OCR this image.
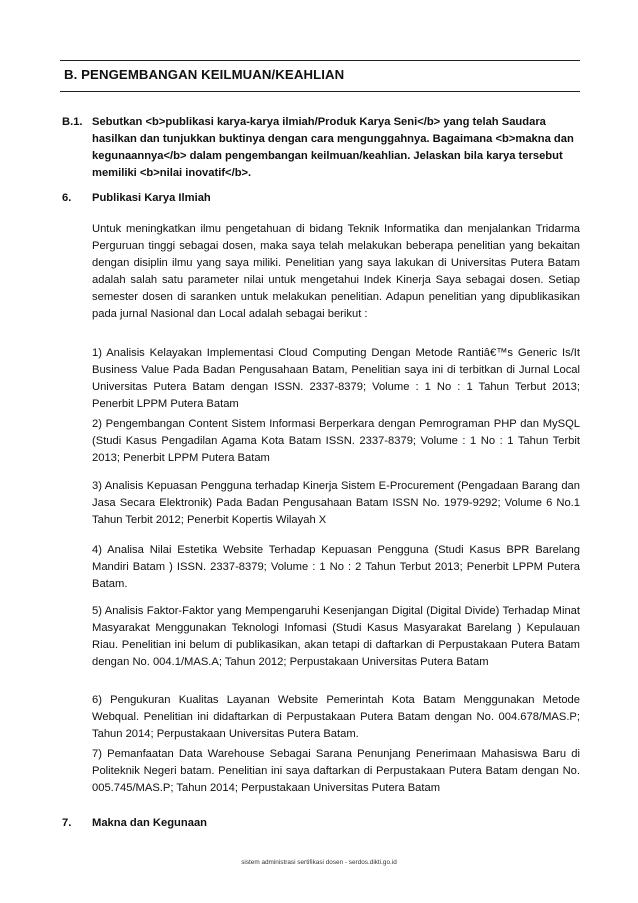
B. PENGEMBANGAN KEILMUAN/KEAHLIAN
B.1. Sebutkan <b>publikasi karya-karya ilmiah/Produk Karya Seni</b> yang telah Saudara hasilkan dan tunjukkan buktinya dengan cara mengunggahnya. Bagaimana <b>makna dan kegunaannya</b> dalam pengembangan keilmuan/keahlian. Jelaskan bila karya tersebut memiliki <b>nilai inovatif</b>.
6. Publikasi Karya Ilmiah
Untuk meningkatkan ilmu pengetahuan di bidang Teknik Informatika dan menjalankan Tridarma Perguruan tinggi sebagai dosen, maka saya telah melakukan beberapa penelitian yang bekaitan dengan disiplin ilmu yang saya miliki. Penelitian yang saya lakukan di Universitas Putera Batam adalah salah satu parameter nilai untuk mengetahui Indek Kinerja Saya sebagai dosen. Setiap semester dosen di saranken untuk melakukan penelitian. Adapun penelitian yang dipublikasikan pada jurnal Nasional dan Local adalah sebagai berikut :
1) Analisis Kelayakan Implementasi Cloud Computing Dengan Metode Rantiâ€™s Generic Is/It Business Value Pada Badan Pengusahaan Batam, Penelitian saya ini di terbitkan di Jurnal Local Universitas Putera Batam dengan ISSN. 2337-8379; Volume : 1 No : 1 Tahun Terbut 2013; Penerbit LPPM Putera Batam
2) Pengembangan Content Sistem Informasi Berperkara dengan Pemrograman PHP dan MySQL (Studi Kasus Pengadilan Agama Kota Batam ISSN. 2337-8379; Volume : 1 No : 1 Tahun Terbit 2013; Penerbit LPPM Putera Batam
3) Analisis Kepuasan Pengguna terhadap Kinerja Sistem E-Procurement (Pengadaan Barang dan Jasa Secara Elektronik) Pada Badan Pengusahaan Batam ISSN No. 1979-9292; Volume 6 No.1 Tahun Terbit 2012; Penerbit Kopertis Wilayah X
4) Analisa Nilai Estetika Website Terhadap Kepuasan Pengguna (Studi Kasus BPR Barelang Mandiri Batam ) ISSN. 2337-8379; Volume : 1 No : 2 Tahun Terbut 2013; Penerbit LPPM Putera Batam.
5) Analisis Faktor-Faktor yang Mempengaruhi Kesenjangan Digital (Digital Divide) Terhadap Minat Masyarakat Menggunakan Teknologi Infomasi (Studi Kasus Masyarakat Barelang ) Kepulauan Riau. Penelitian ini belum di publikasikan, akan tetapi di daftarkan di Perpustakaan Putera Batam dengan No. 004.1/MAS.A; Tahun 2012; Perpustakaan Universitas Putera Batam
6) Pengukuran Kualitas Layanan Website Pemerintah Kota Batam Menggunakan Metode Webqual. Penelitian ini didaftarkan di Perpustakaan Putera Batam dengan No. 004.678/MAS.P; Tahun 2014; Perpustakaan Universitas Putera Batam.
7) Pemanfaatan Data Warehouse Sebagai Sarana Penunjang Penerimaan Mahasiswa Baru di Politeknik Negeri batam. Penelitian ini saya daftarkan di Perpustakaan Putera Batam dengan No. 005.745/MAS.P; Tahun 2014; Perpustakaan Universitas Putera Batam
7. Makna dan Kegunaan
sistem administrasi sertifikasi dosen - serdos.dikti.go.id
